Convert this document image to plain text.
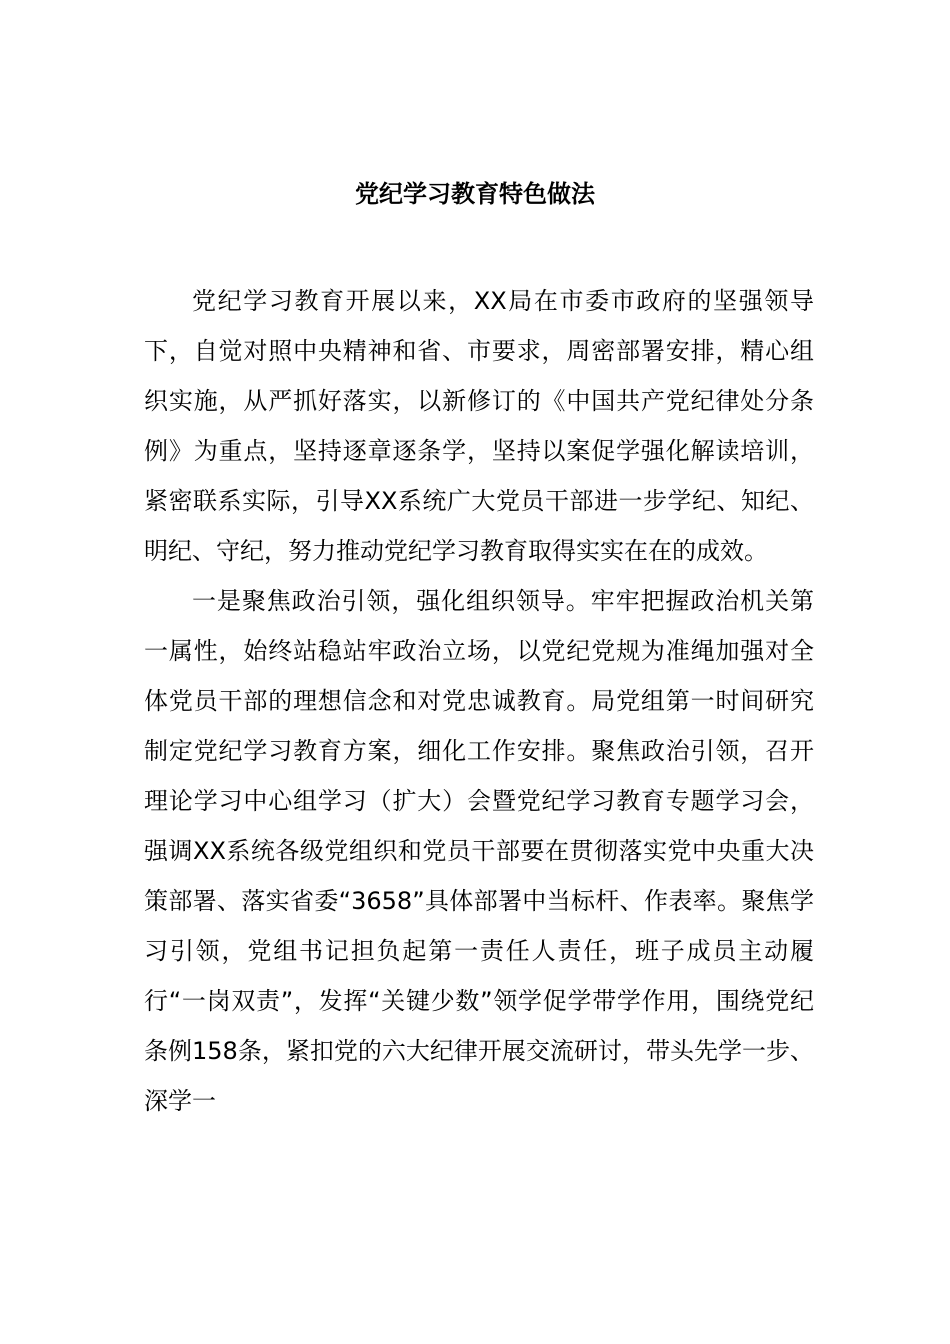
党纪学习教育特色做法

党纪学习教育开展以来，XX局在市委市政府的坚强领导下，自觉对照中央精神和省、市要求，周密部署安排，精心组织实施，从严抓好落实，以新修订的《中国共产党纪律处分条例》为重点，坚持逐章逐条学，坚持以案促学强化解读培训，紧密联系实际，引导XX系统广大党员干部进一步学纪、知纪、明纪、守纪，努力推动党纪学习教育取得实实在在的成效。

一是聚焦政治引领，强化组织领导。牢牢把握政治机关第一属性，始终站稳站牢政治立场，以党纪党规为准绳加强对全体党员干部的理想信念和对党忠诚教育。局党组第一时间研究制定党纪学习教育方案，细化工作安排。聚焦政治引领，召开理论学习中心组学习（扩大）会暨党纪学习教育专题学习会，强调XX系统各级党组织和党员干部要在贯彻落实党中央重大决策部署、落实省委“3658”具体部署中当标杆、作表率。聚焦学习引领，党组书记担负起第一责任人责任，班子成员主动履行“一岗双责”，发挥“关键少数”领学促学带学作用，围绕党纪条例158条，紧扣党的六大纪律开展交流研讨，带头先学一步、深学一
